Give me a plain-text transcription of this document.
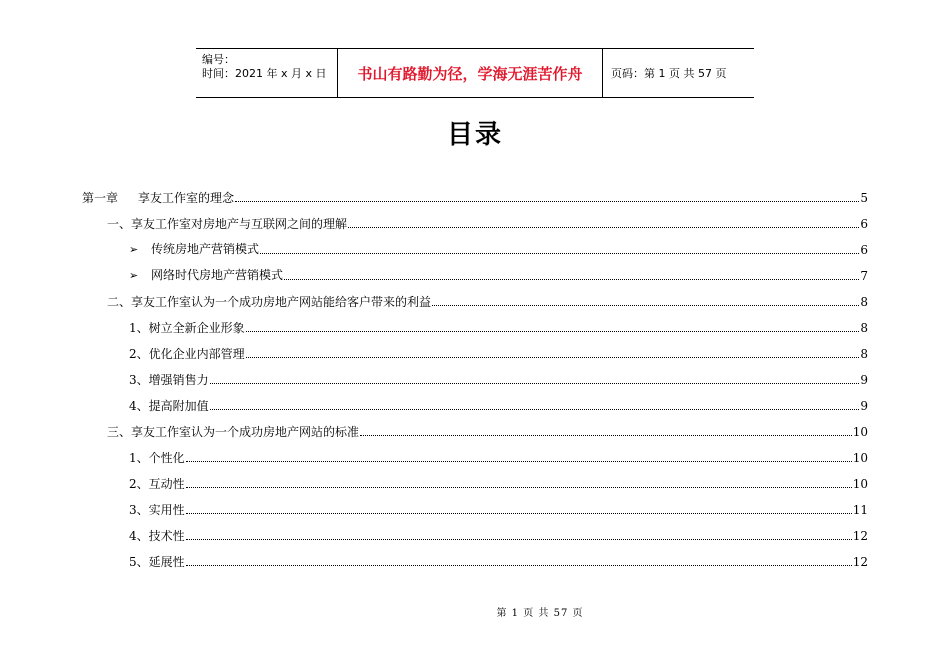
编号：
时间：2021 年 x 月 x 日	书山有路勤为径，学海无涯苦作舟	页码：第 1 页 共 57 页
目录
第一章 享友工作室的理念	5
一、享友工作室对房地产与互联网之间的理解	6
➢ 传统房地产营销模式	6
➢ 网络时代房地产营销模式	7
二、享友工作室认为一个成功房地产网站能给客户带来的利益	8
1、树立全新企业形象	8
2、优化企业内部管理	8
3、增强销售力	9
4、提高附加值	9
三、享友工作室认为一个成功房地产网站的标准	10
1、个性化	10
2、互动性	10
3、实用性	11
4、技术性	12
5、延展性	12
第 1 页 共 57 页
